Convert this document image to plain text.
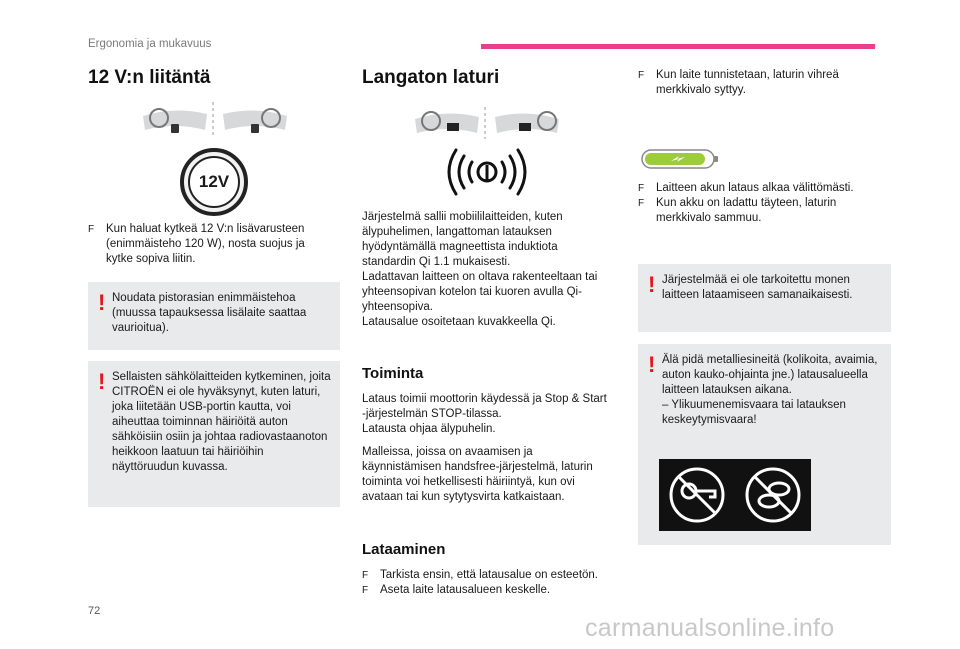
Ergonomia ja mukavuus
12 V:n liitäntä
12V
F Kun haluat kytkeä 12 V:n lisävarusteen (enimmäisteho 120 W), nosta suojus ja kytke sopiva liitin.
! Noudata pistorasian enimmäistehoa (muussa tapauksessa lisälaite saattaa vaurioitua).
! Sellaisten sähkölaitteiden kytkeminen, joita CITROËN ei ole hyväksynyt, kuten laturi, joka liitetään USB-portin kautta, voi aiheuttaa toiminnan häiriöitä auton sähköisiin osiin ja johtaa radiovastaanoton heikkoon laatuun tai häiriöihin näyttöruudun kuvassa.
Langaton laturi
Järjestelmä sallii mobiililaitteiden, kuten älypuhelimen, langattoman latauksen hyödyntämällä magneettista induktiota standardin Qi 1.1 mukaisesti.
Ladattavan laitteen on oltava rakenteeltaan tai yhteensopivan kotelon tai kuoren avulla Qi-yhteensopiva.
Latausalue osoitetaan kuvakkeella Qi.
Toiminta
Lataus toimii moottorin käydessä ja Stop & Start -järjestelmän STOP-tilassa.
Latausta ohjaa älypuhelin.
Malleissa, joissa on avaamisen ja käynnistämisen handsfree-järjestelmä, laturin toiminta voi hetkellisesti häiriintyä, kun ovi avataan tai kun sytytysvirta katkaistaan.
Lataaminen
F Tarkista ensin, että latausalue on esteetön.
F Aseta laite latausalueen keskelle.
F Kun laite tunnistetaan, laturin vihreä merkkivalo syttyy.
F Laitteen akun lataus alkaa välittömästi.
F Kun akku on ladattu täyteen, laturin merkkivalo sammuu.
! Järjestelmää ei ole tarkoitettu monen laitteen lataamiseen samanaikaisesti.
! Älä pidä metalliesineitä (kolikoita, avaimia, auton kauko-ohjainta jne.) latausalueella laitteen latauksen aikana.
– Ylikuumenemisvaara tai latauksen keskeytymisvaara!
72
carmanualsonline.info
